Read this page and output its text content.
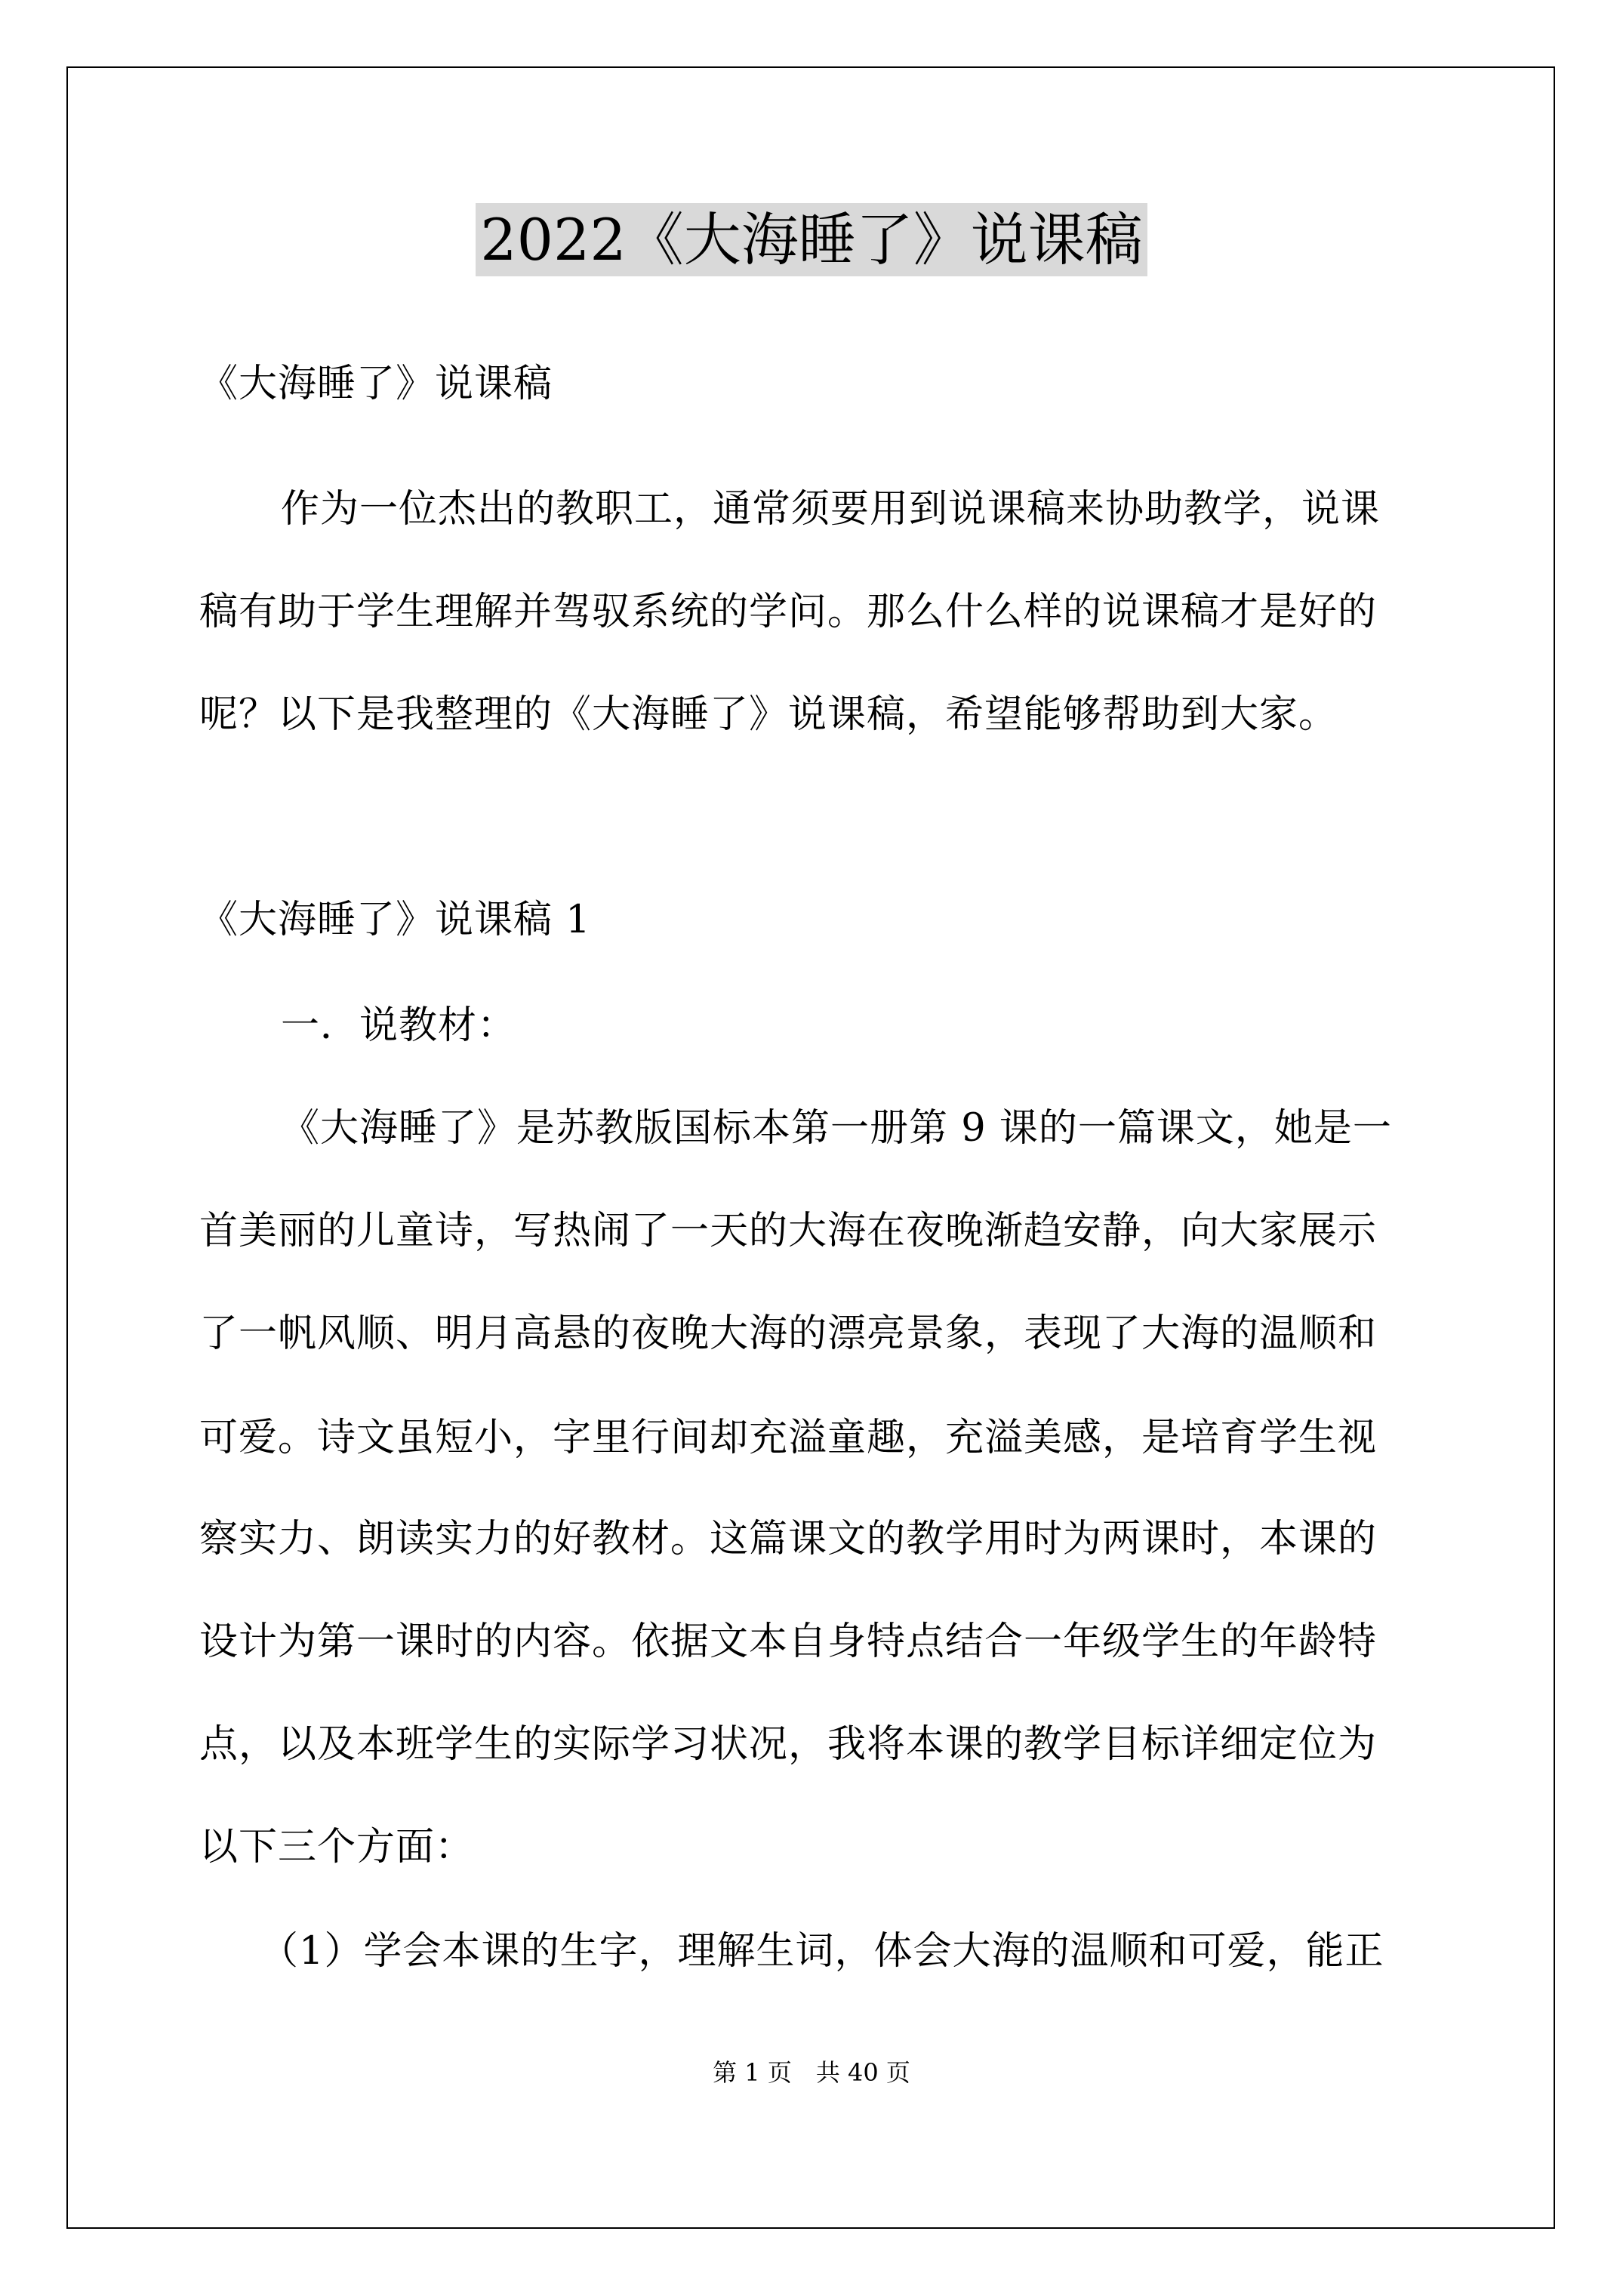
2022《大海睡了》说课稿

《大海睡了》说课稿

作为一位杰出的教职工，通常须要用到说课稿来协助教学，说课

稿有助于学生理解并驾驭系统的学问。那么什么样的说课稿才是好的

呢？以下是我整理的《大海睡了》说课稿，希望能够帮助到大家。

《大海睡了》说课稿 1

一．说教材：

《大海睡了》是苏教版国标本第一册第 9 课的一篇课文，她是一

首美丽的儿童诗，写热闹了一天的大海在夜晚渐趋安静，向大家展示

了一帆风顺、明月高悬的夜晚大海的漂亮景象，表现了大海的温顺和

可爱。诗文虽短小，字里行间却充溢童趣，充溢美感，是培育学生视

察实力、朗读实力的好教材。这篇课文的教学用时为两课时，本课的

设计为第一课时的内容。依据文本自身特点结合一年级学生的年龄特

点，以及本班学生的实际学习状况，我将本课的教学目标详细定位为

以下三个方面：

（1）学会本课的生字，理解生词，体会大海的温顺和可爱，能正

第 1 页　共 40 页
